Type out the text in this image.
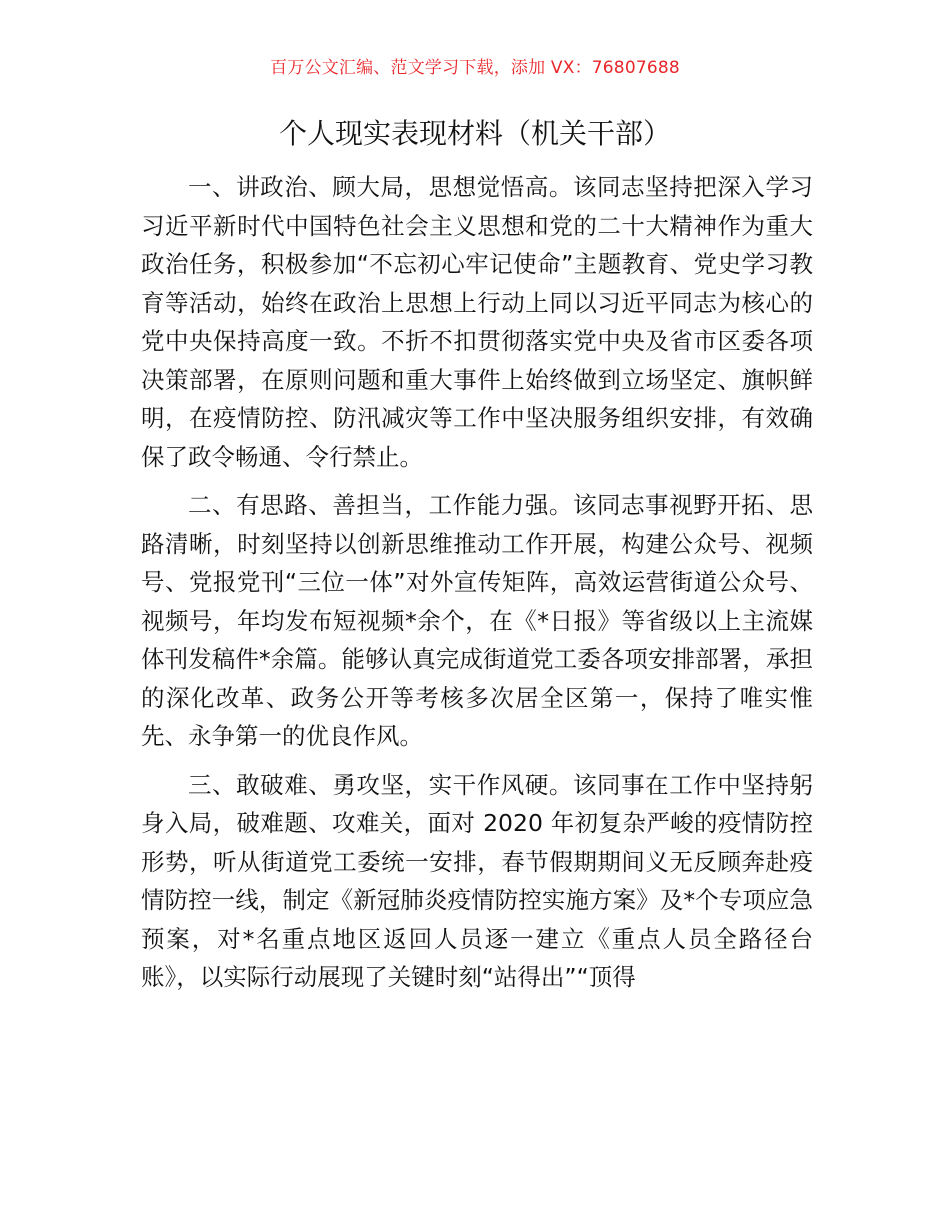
百万公文汇编、范文学习下载，添加 VX：76807688
个人现实表现材料（机关干部）

一、讲政治、顾大局，思想觉悟高。该同志坚持把深入学习习近平新时代中国特色社会主义思想和党的二十大精神作为重大政治任务，积极参加“不忘初心牢记使命”主题教育、党史学习教育等活动，始终在政治上思想上行动上同以习近平同志为核心的党中央保持高度一致。不折不扣贯彻落实党中央及省市区委各项决策部署，在原则问题和重大事件上始终做到立场坚定、旗帜鲜明，在疫情防控、防汛减灾等工作中坚决服务组织安排，有效确保了政令畅通、令行禁止。

二、有思路、善担当，工作能力强。该同志事视野开拓、思路清晰，时刻坚持以创新思维推动工作开展，构建公众号、视频号、党报党刊“三位一体”对外宣传矩阵，高效运营街道公众号、视频号，年均发布短视频*余个，在《*日报》等省级以上主流媒体刊发稿件*余篇。能够认真完成街道党工委各项安排部署，承担的深化改革、政务公开等考核多次居全区第一，保持了唯实惟先、永争第一的优良作风。

三、敢破难、勇攻坚，实干作风硬。该同事在工作中坚持躬身入局，破难题、攻难关，面对 2020 年初复杂严峻的疫情防控形势，听从街道党工委统一安排，春节假期期间义无反顾奔赴疫情防控一线，制定《新冠肺炎疫情防控实施方案》及*个专项应急预案，对*名重点地区返回人员逐一建立《重点人员全路径台账》，以实际行动展现了关键时刻“站得出”“顶得
